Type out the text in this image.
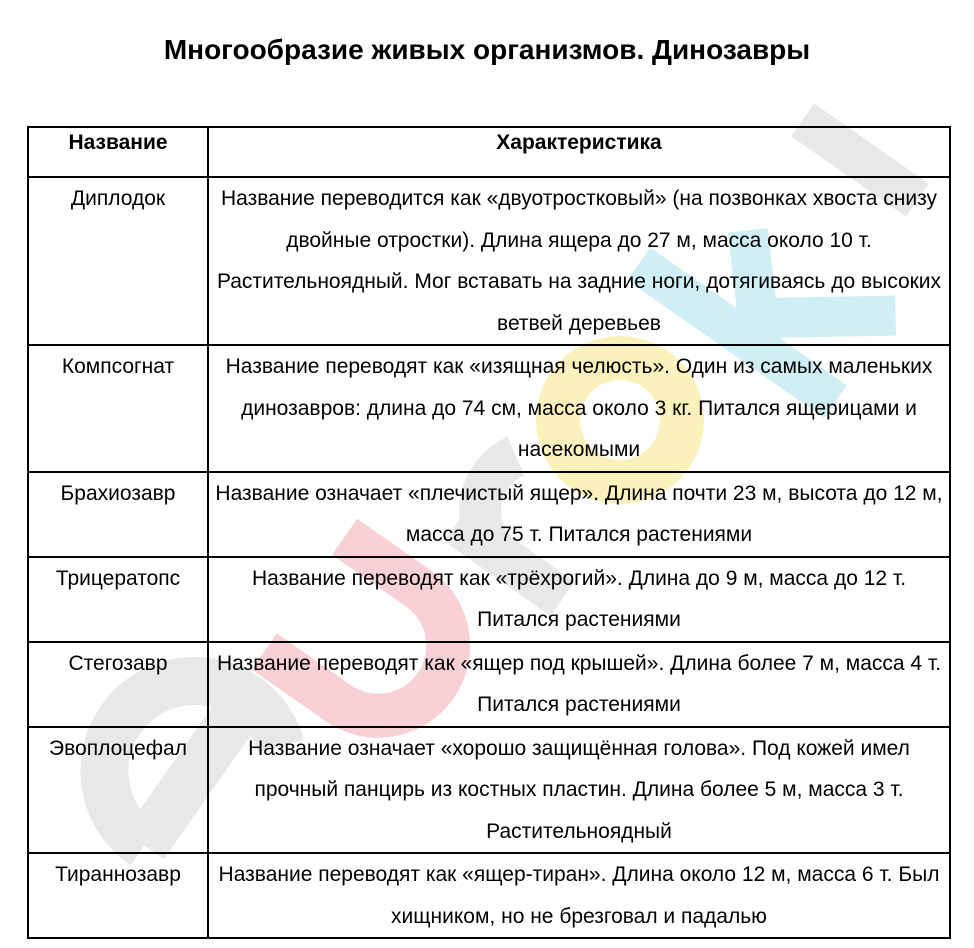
Многообразие живых организмов. Динозавры
Название	Характеристика
Диплодок	Название переводится как «двуотростковый» (на позвонках хвоста снизу двойные отростки). Длина ящера до 27 м, масса около 10 т. Растительноядный. Мог вставать на задние ноги, дотягиваясь до высоких ветвей деревьев
Компсогнат	Название переводят как «изящная челюсть». Один из самых маленьких динозавров: длина до 74 см, масса около 3 кг. Питался ящерицами и насекомыми
Брахиозавр	Название означает «плечистый ящер». Длина почти 23 м, высота до 12 м, масса до 75 т. Питался растениями
Трицератопс	Название переводят как «трёхрогий». Длина до 9 м, масса до 12 т. Питался растениями
Стегозавр	Название переводят как «ящер под крышей». Длина более 7 м, масса 4 т. Питался растениями
Эвоплоцефал	Название означает «хорошо защищённая голова». Под кожей имел прочный панцирь из костных пластин. Длина более 5 м, масса 3 т. Растительноядный
Тираннозавр	Название переводят как «ящер-тиран». Длина около 12 м, масса 6 т. Был хищником, но не брезговал и падалью
